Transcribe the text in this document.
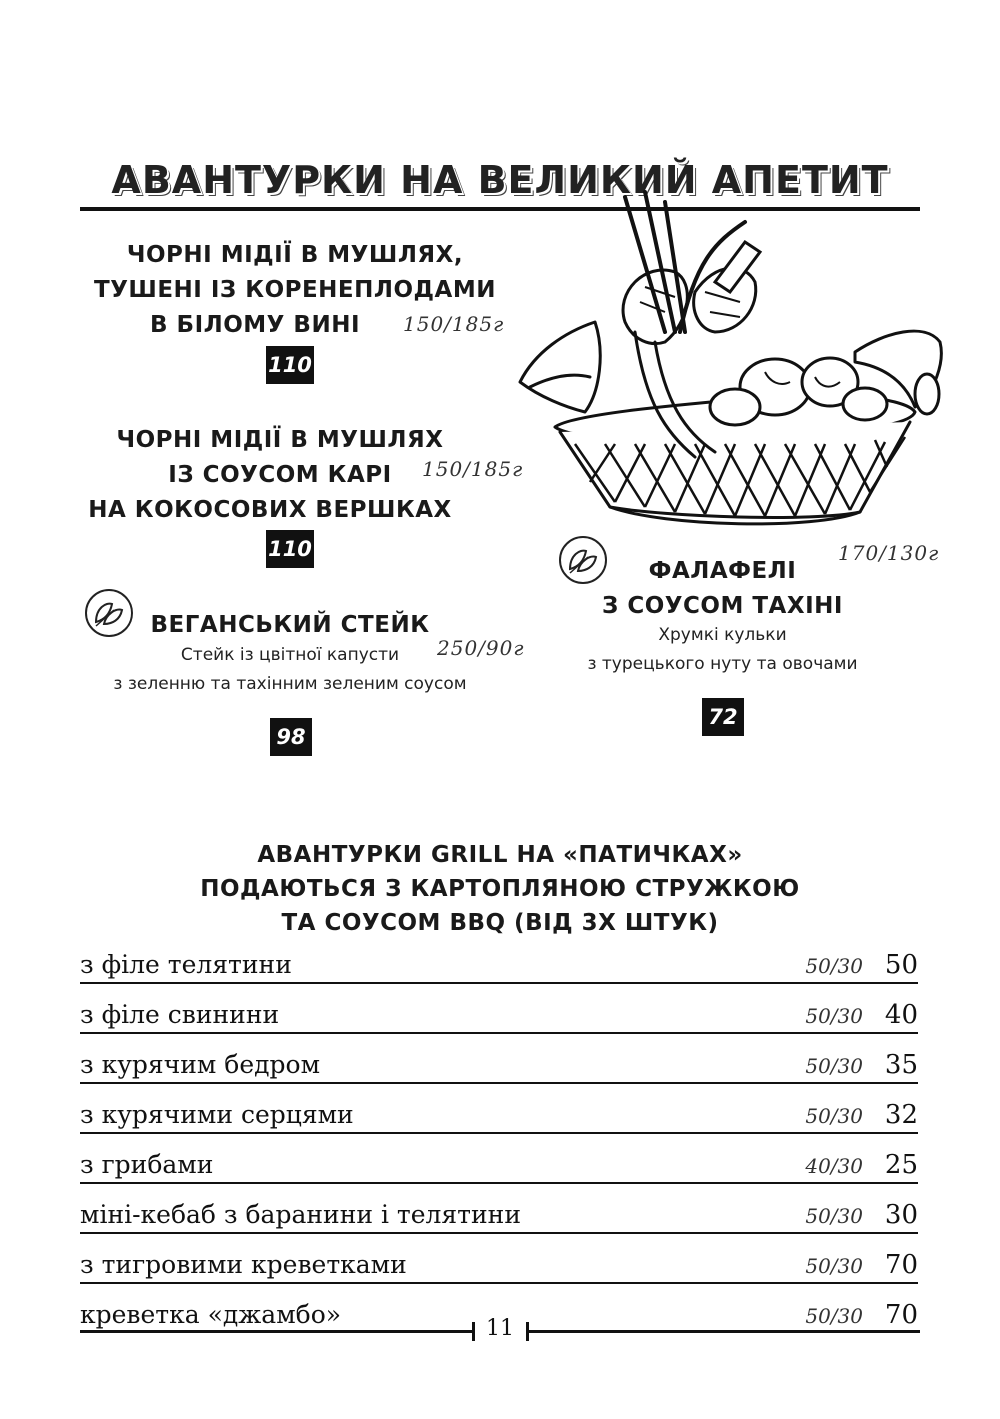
АВАНТУРКИ НА ВЕЛИКИЙ АПЕТИТ
ЧОРНІ МІДІЇ В МУШЛЯХ,
ТУШЕНІ ІЗ КОРЕНЕПЛОДАМИ
В БІЛОМУ ВИНІ	150/185г
110
ЧОРНІ МІДІЇ В МУШЛЯХ
ІЗ СОУСОМ КАРІ
НА КОКОСОВИХ ВЕРШКАХ
150/185г
110
ВЕГАНСЬКИЙ СТЕЙК
250/90г
Стейк із цвітної капусти
з зеленню та тахінним зеленим соусом
98
170/130г
ФАЛАФЕЛІ
З СОУСОМ ТАХІНІ
Хрумкі кульки
з турецького нуту та овочами
72
АВАНТУРКИ GRILL НА «ПАТИЧКАХ»
ПОДАЮТЬСЯ З КАРТОПЛЯНОЮ СТРУЖКОЮ
ТА СОУСОМ BBQ (ВІД 3Х ШТУК)
з філе телятини	50/30 50
з філе свинини	50/30 40
з курячим бедром	50/30 35
з курячими серцями	50/30 32
з грибами	40/30 25
міні-кебаб з баранини і телятини	50/30 30
з тигровими креветками	50/30 70
креветка «джамбо»	50/30 70
11
